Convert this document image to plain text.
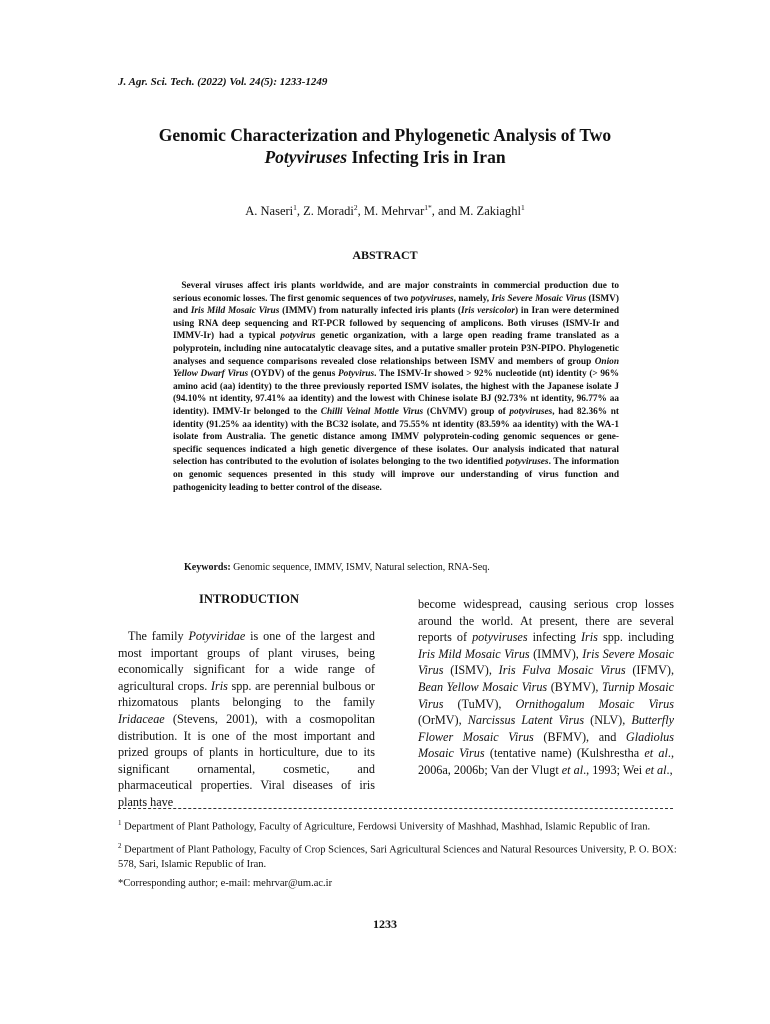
J. Agr. Sci. Tech. (2022) Vol. 24(5): 1233-1249
Genomic Characterization and Phylogenetic Analysis of Two
Potyviruses Infecting Iris in Iran
A. Naseri$^1$, Z. Moradi$^2$, M. Mehrvar$^{1*}$, and M. Zakiaghl$^1$
ABSTRACT

Several viruses affect iris plants worldwide, and are major constraints in commercial production due to serious economic losses. The first genomic sequences of two potyviruses, namely, Iris Severe Mosaic Virus (ISMV) and Iris Mild Mosaic Virus (IMMV) from naturally infected iris plants (Iris versicolor) in Iran were determined using RNA deep sequencing and RT-PCR followed by sequencing of amplicons. Both viruses (ISMV-Ir and IMMV-Ir) had a typical potyvirus genetic organization, with a large open reading frame translated as a polyprotein, including nine autocatalytic cleavage sites, and a putative smaller protein P3N-PIPO. Phylogenetic analyses and sequence comparisons revealed close relationships between ISMV and members of group Onion Yellow Dwarf Virus (OYDV) of the genus Potyvirus. The ISMV-Ir showed > 92% nucleotide (nt) identity (> 96% amino acid (aa) identity) to the three previously reported ISMV isolates, the highest with the Japanese isolate J (94.10% nt identity, 97.41% aa identity) and the lowest with Chinese isolate BJ (92.73% nt identity, 96.77% aa identity). IMMV-Ir belonged to the Chilli Veinal Mottle Virus (ChVMV) group of potyviruses, had 82.36% nt identity (91.25% aa identity) with the BC32 isolate, and 75.55% nt identity (83.59% aa identity) with the WA-1 isolate from Australia. The genetic distance among IMMV polyprotein-coding genomic sequences or gene-specific sequences indicated a high genetic divergence of these isolates. Our analysis indicated that natural selection has contributed to the evolution of isolates belonging to the two identified potyviruses. The information on genomic sequences presented in this study will improve our understanding of virus function and pathogenicity leading to better control of the disease.

Keywords: Genomic sequence, IMMV, ISMV, Natural selection, RNA-Seq.
INTRODUCTION

The family Potyviridae is one of the largest and most important groups of plant viruses, being economically significant for a wide range of agricultural crops. Iris spp. are perennial bulbous or rhizomatous plants belonging to the family Iridaceae (Stevens, 2001), with a cosmopolitan distribution. It is one of the most important and prized groups of plants in horticulture, due to its significant ornamental, cosmetic, and pharmaceutical properties. Viral diseases of iris plants have

become widespread, causing serious crop losses around the world. At present, there are several reports of potyviruses infecting Iris spp. including Iris Mild Mosaic Virus (IMMV), Iris Severe Mosaic Virus (ISMV), Iris Fulva Mosaic Virus (IFMV), Bean Yellow Mosaic Virus (BYMV), Turnip Mosaic Virus (TuMV), Ornithogalum Mosaic Virus (OrMV), Narcissus Latent Virus (NLV), Butterfly Flower Mosaic Virus (BFMV), and Gladiolus Mosaic Virus (tentative name) (Kulshrestha et al., 2006a, 2006b; Van der Vlugt et al., 1993; Wei et al.,

$^1$ Department of Plant Pathology, Faculty of Agriculture, Ferdowsi University of Mashhad, Mashhad, Islamic Republic of Iran.

$^2$ Department of Plant Pathology, Faculty of Crop Sciences, Sari Agricultural Sciences and Natural Resources University, P. O. BOX: 578, Sari, Islamic Republic of Iran.

*Corresponding author; e-mail: mehrvar@um.ac.ir

1233
